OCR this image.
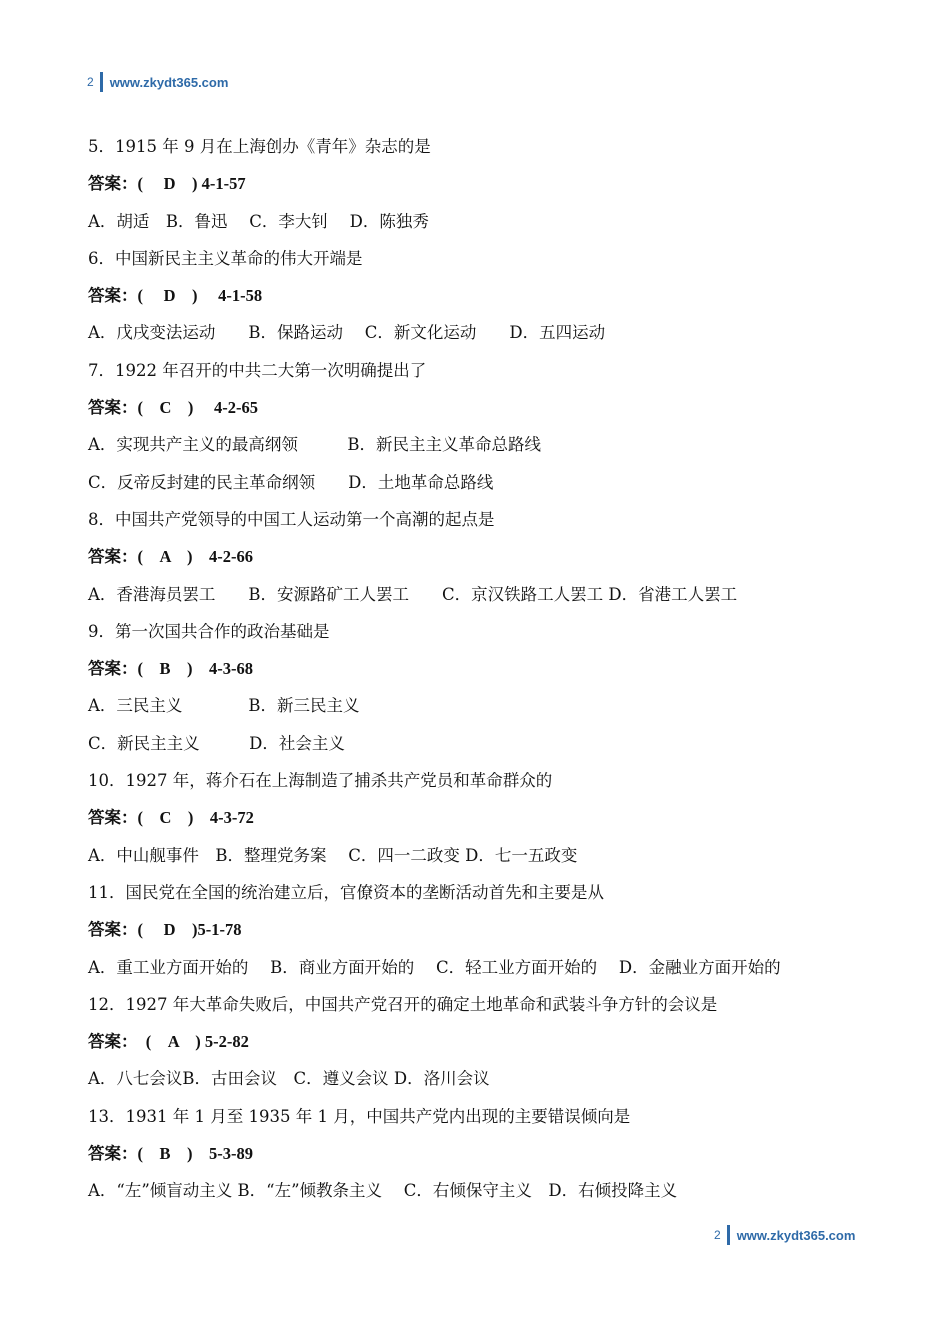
2 www.zkydt365.com
5．1915 年 9 月在上海创办《青年》杂志的是
答案：(　 D　) 4-1-57
A．胡适　B．鲁迅　 C．李大钊　 D．陈独秀
6．中国新民主主义革命的伟大开端是
答案：(　 D　)　 4-1-58
A．戊戌变法运动　　B．保路运动　 C．新文化运动　　D．五四运动
7．1922 年召开的中共二大第一次明确提出了
答案：(　C　)　 4-2-65
A．实现共产主义的最高纲领　　　B．新民主主义革命总路线
C．反帝反封建的民主革命纲领　　D．土地革命总路线
8．中国共产党领导的中国工人运动第一个高潮的起点是
答案：(　A　)　4-2-66
A．香港海员罢工　　B．安源路矿工人罢工　　C．京汉铁路工人罢工 D．省港工人罢工
9．第一次国共合作的政治基础是
答案：(　B　)　4-3-68
A．三民主义　　　　B．新三民主义
C．新民主主义　　　D．社会主义
10．1927 年，蒋介石在上海制造了捕杀共产党员和革命群众的
答案：(　C　)　4-3-72
A．中山舰事件　B．整理党务案　 C．四一二政变 D．七一五政变
11．国民党在全国的统治建立后，官僚资本的垄断活动首先和主要是从
答案：(　 D　)5-1-78
A．重工业方面开始的　 B．商业方面开始的　 C．轻工业方面开始的　 D．金融业方面开始的
12．1927 年大革命失败后，中国共产党召开的确定土地革命和武装斗争方针的会议是
答案：　(　A　) 5-2-82
A．八七会议B．古田会议　C．遵义会议 D．洛川会议
13．1931 年 1 月至 1935 年 1 月，中国共产党内出现的主要错误倾向是
答案：(　B　)　5-3-89
A．“左”倾盲动主义 B．“左”倾教条主义　 C．右倾保守主义　D．右倾投降主义
2 www.zkydt365.com
